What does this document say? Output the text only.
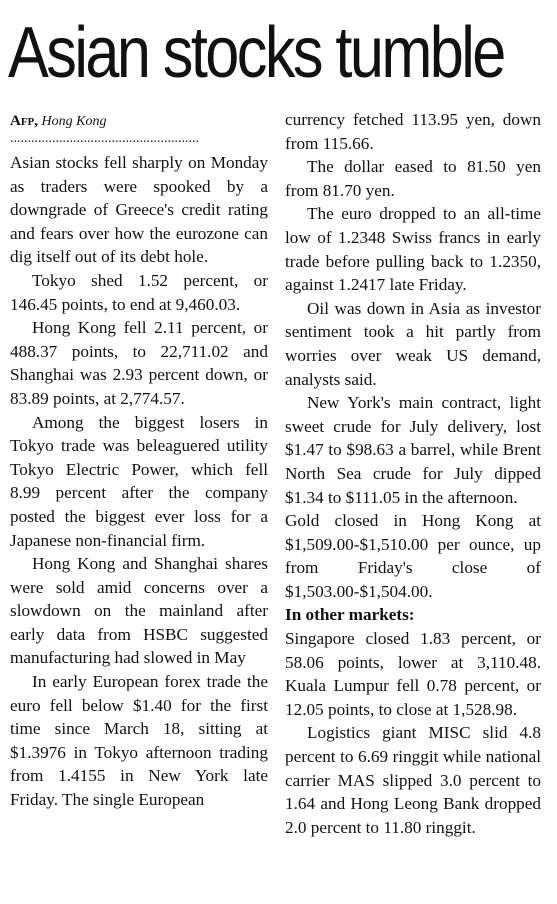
Asian stocks tumble
Afp, Hong Kong
......................................................

Asian stocks fell sharply on Monday as traders were spooked by a downgrade of Greece's credit rating and fears over how the eurozone can dig itself out of its debt hole.

Tokyo shed 1.52 percent, or 146.45 points, to end at 9,460.03.

Hong Kong fell 2.11 percent, or 488.37 points, to 22,711.02 and Shanghai was 2.93 percent down, or 83.89 points, at 2,774.57.

Among the biggest losers in Tokyo trade was beleaguered utility Tokyo Electric Power, which fell 8.99 percent after the company posted the biggest ever loss for a Japanese non-financial firm.

Hong Kong and Shanghai shares were sold amid concerns over a slowdown on the mainland after early data from HSBC suggested manufacturing had slowed in May

In early European forex trade the euro fell below $1.40 for the first time since March 18, sitting at $1.3976 in Tokyo afternoon trading from 1.4155 in New York late Friday. The single European

currency fetched 113.95 yen, down from 115.66.

The dollar eased to 81.50 yen from 81.70 yen.

The euro dropped to an all-time low of 1.2348 Swiss francs in early trade before pulling back to 1.2350, against 1.2417 late Friday.

Oil was down in Asia as investor sentiment took a hit partly from worries over weak US demand, analysts said.

New York's main contract, light sweet crude for July delivery, lost $1.47 to $98.63 a barrel, while Brent North Sea crude for July dipped $1.34 to $111.05 in the afternoon.

Gold closed in Hong Kong at $1,509.00-$1,510.00 per ounce, up from Friday's close of $1,503.00-$1,504.00.

In other markets:

Singapore closed 1.83 percent, or 58.06 points, lower at 3,110.48. Kuala Lumpur fell 0.78 percent, or 12.05 points, to close at 1,528.98.

Logistics giant MISC slid 4.8 percent to 6.69 ringgit while national carrier MAS slipped 3.0 percent to 1.64 and Hong Leong Bank dropped 2.0 percent to 11.80 ringgit.
